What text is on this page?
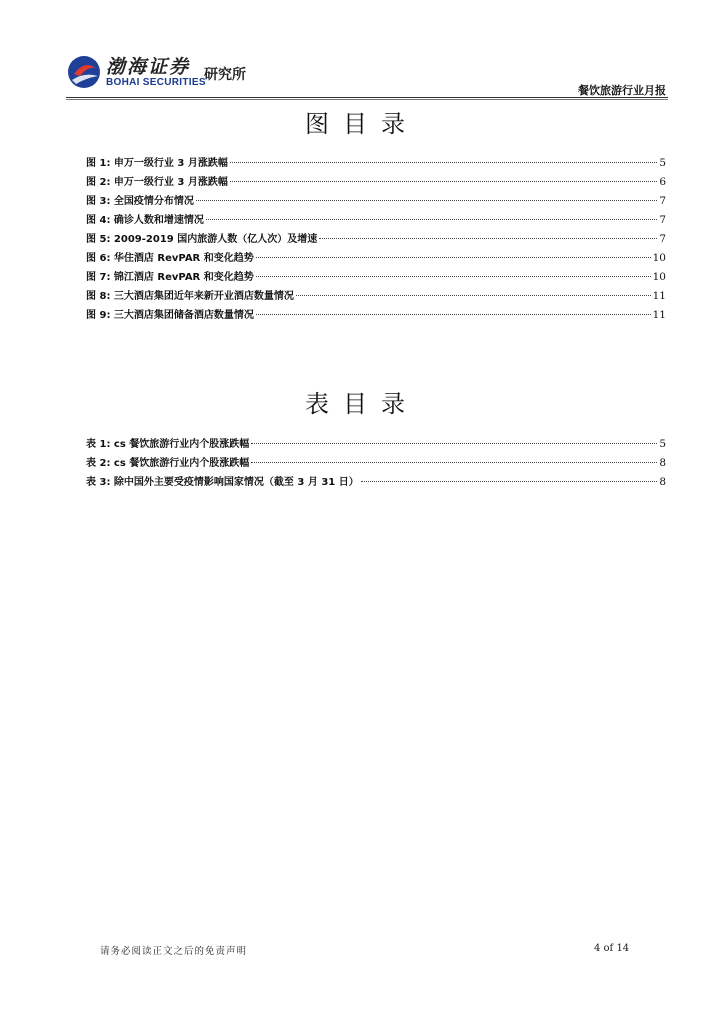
渤海证券
BOHAI SECURITIES
研究所
餐饮旅游行业月报
图目录
图 1: 申万一级行业 3 月涨跌幅	5
图 2: 申万一级行业 3 月涨跌幅	6
图 3: 全国疫情分布情况	7
图 4: 确诊人数和增速情况	7
图 5: 2009-2019 国内旅游人数（亿人次）及增速	7
图 6: 华住酒店 RevPAR 和变化趋势	10
图 7: 锦江酒店 RevPAR 和变化趋势	10
图 8: 三大酒店集团近年来新开业酒店数量情况	11
图 9: 三大酒店集团储备酒店数量情况	11
表目录
表 1: cs 餐饮旅游行业内个股涨跌幅	5
表 2: cs 餐饮旅游行业内个股涨跌幅	8
表 3: 除中国外主要受疫情影响国家情况（截至 3 月 31 日）	8
请务必阅读正文之后的免责声明	4 of 14
